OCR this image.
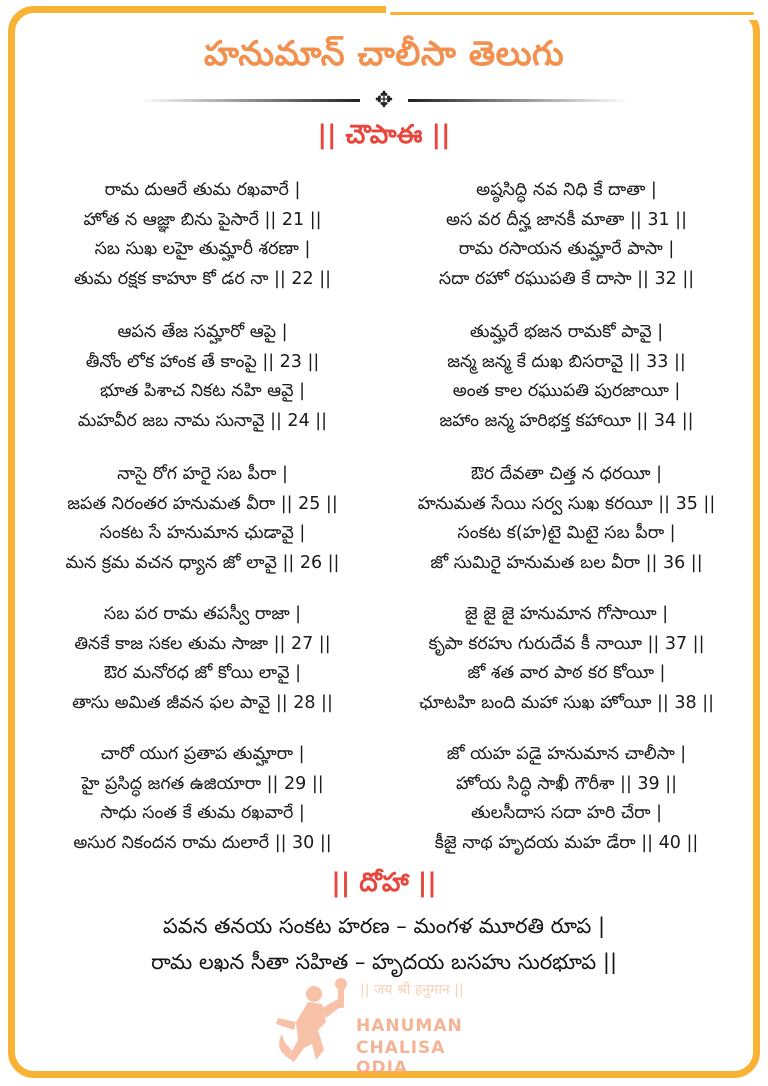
హనుమాన్ చాలీసా తెలుగు
✥
|| చౌపాఈ ||
రామ దుఆరే తుమ రఖవారే |
హోత న ఆజ్ఞా బిను పైసారే || 21 ||
సబ సుఖ లహై తుమ్హారీ శరణా |
తుమ రక్షక కాహూ కో డర నా || 22 ||
ఆపన తేజ సమ్హారో ఆపై |
తీనోం లోక హాంక తే కాంపై || 23 ||
భూత పిశాచ నికట నహి ఆవై |
మహవీర జబ నామ సునావై || 24 ||
నాసై రోగ హరై సబ పీరా |
జపత నిరంతర హనుమత వీరా || 25 ||
సంకట సే హనుమాన ఛుడావై |
మన క్రమ వచన ధ్యాన జో లావై || 26 ||
సబ పర రామ తపస్వీ రాజా |
తినకే కాజ సకల తుమ సాజా || 27 ||
ఔర మనోరధ జో కోయి లావై |
తాసు అమిత జీవన ఫల పావై || 28 ||
చారో యుగ ప్రతాప తుమ్హారా |
హై ప్రసిద్ధ జగత ఉజియారా || 29 ||
సాధు సంత కే తుమ రఖవారే |
అసుర నికందన రామ దులారే || 30 ||
అష్ఠసిద్ధి నవ నిధి కే దాతా |
అస వర దీన్హ జానకీ మాతా || 31 ||
రామ రసాయన తుమ్హారే పాసా |
సదా రహో రఘుపతి కే దాసా || 32 ||
తుమ్హరే భజన రామకో పావై |
జన్మ జన్మ కే దుఖ బిసరావై || 33 ||
అంత కాల రఘుపతి పురజాయీ |
జహాం జన్మ హరిభక్త కహాయీ || 34 ||
ఔర దేవతా చిత్త న ధరయీ |
హనుమత సేయి సర్వ సుఖ కరయీ || 35 ||
సంకట క(హ)టై మిటై సబ పీరా |
జో సుమిరై హనుమత బల వీరా || 36 ||
జై జై జై హనుమాన గోసాయీ |
కృపా కరహు గురుదేవ కీ నాయీ || 37 ||
జో శత వార పాఠ కర కోయీ |
ఛూటహి బంది మహా సుఖ హోయీ || 38 ||
జో యహ పడై హనుమాన చాలీసా |
హోయ సిద్ధి సాఖీ గౌరీశా || 39 ||
తులసీదాస సదా హరి చేరా |
కీజై నాథ హృదయ మహ డేరా || 40 ||
|| దోహా ||
పవన తనయ సంకట హరణ – మంగళ మూరతి రూప |
రామ లఖన సీతా సహిత – హృదయ బసహు సురభూప ||
|| जय श्री हनुमान ||
HANUMAN
CHALISA ODIA
